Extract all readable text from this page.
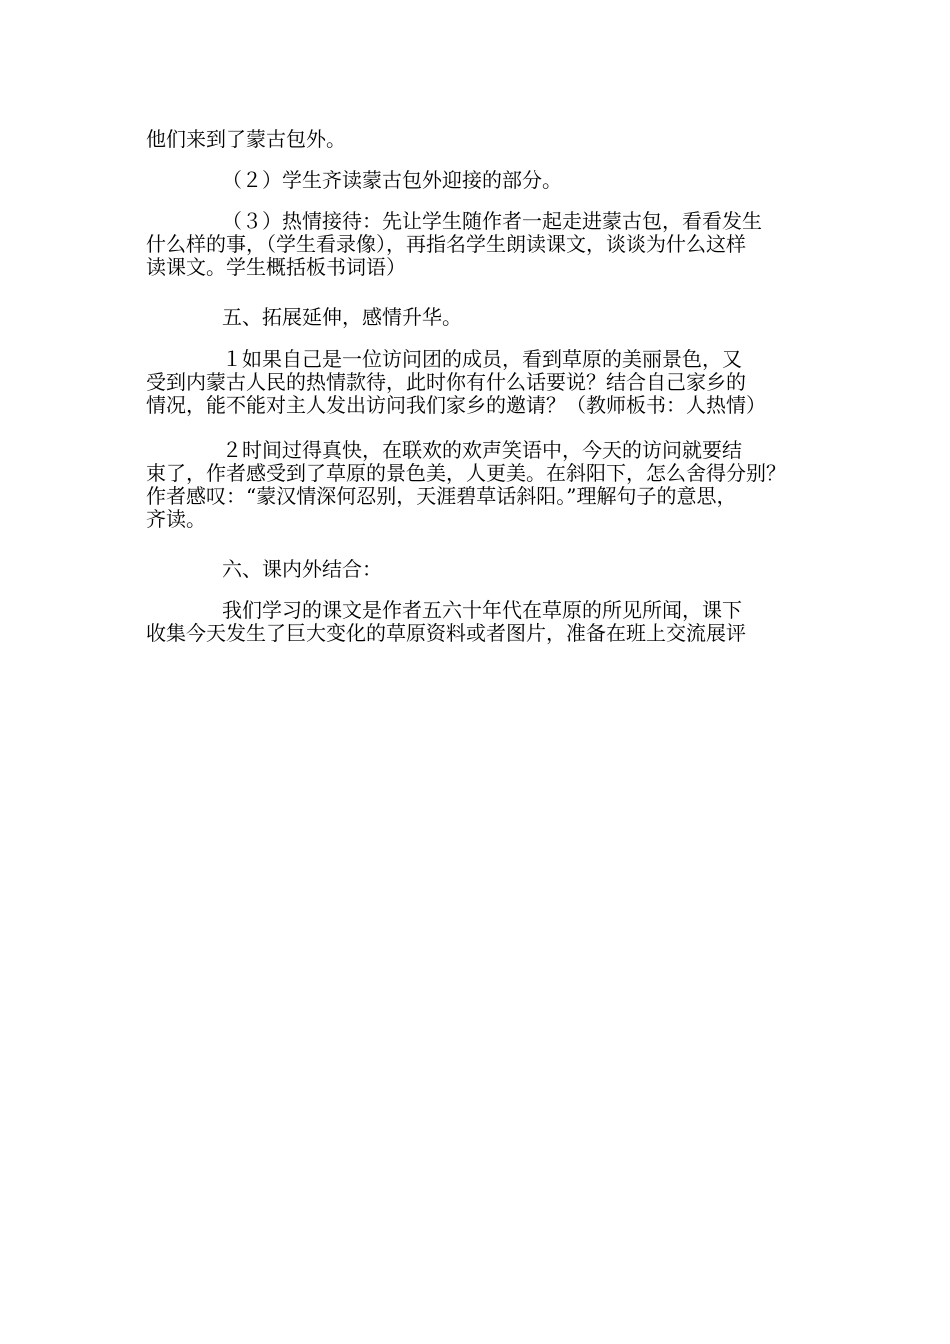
他们来到了蒙古包外。
（２）学生齐读蒙古包外迎接的部分。
（３）热情接待：先让学生随作者一起走进蒙古包，看看发生
什么样的事，（学生看录像），再指名学生朗读课文，谈谈为什么这样
读课文。学生概括板书词语）
五、拓展延伸，感情升华。
１如果自己是一位访问团的成员，看到草原的美丽景色，又
受到内蒙古人民的热情款待，此时你有什么话要说？结合自己家乡的
情况，能不能对主人发出访问我们家乡的邀请？（教师板书：人热情）
２时间过得真快，在联欢的欢声笑语中，今天的访问就要结
束了，作者感受到了草原的景色美，人更美。在斜阳下，怎么舍得分别？
作者感叹：“蒙汉情深何忍别，天涯碧草话斜阳。”理解句子的意思，
齐读。
六、课内外结合：
我们学习的课文是作者五六十年代在草原的所见所闻，课下
收集今天发生了巨大变化的草原资料或者图片，准备在班上交流展评
